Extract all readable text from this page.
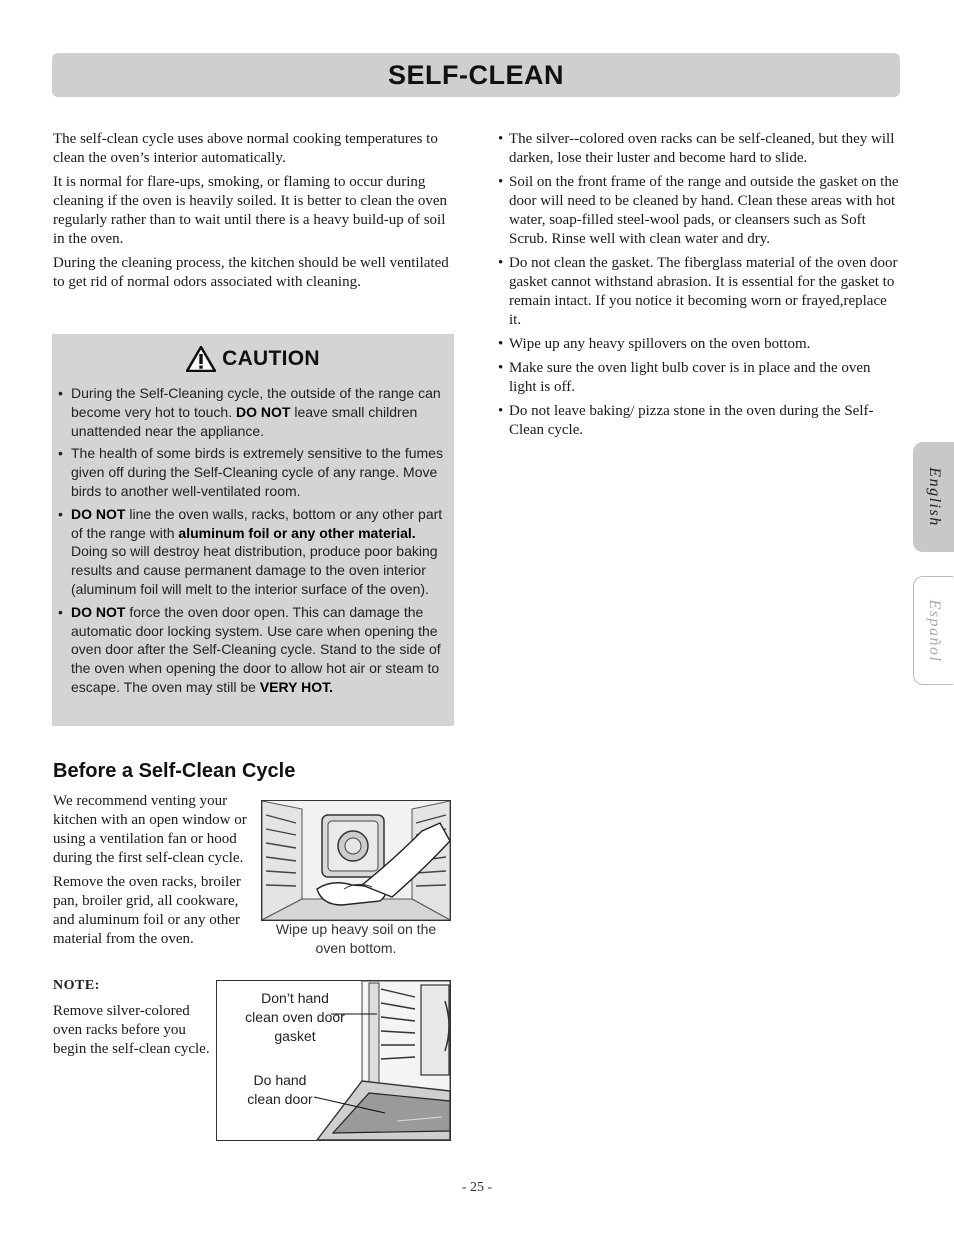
SELF-CLEAN

The self-clean cycle uses above normal cooking temperatures to clean the oven’s interior automatically.

It is normal for flare-ups, smoking, or flaming to occur during cleaning if the oven is heavily soiled. It is better to clean the oven regularly rather than to wait until there is a heavy build-up of soil in the oven.

During the cleaning process, the kitchen should be well ventilated to get rid of normal odors associated with cleaning.

CAUTION
• During the Self-Cleaning cycle, the outside of the range can become very hot to touch. DO NOT leave small children unattended near the appliance.
• The health of some birds is extremely sensitive to the fumes given off during the Self-Cleaning cycle of any range. Move birds to another well-ventilated room.
• DO NOT line the oven walls, racks, bottom or any other part of the range with aluminum foil or any other material. Doing so will destroy heat distribution, produce poor baking results and cause permanent damage to the oven interior (aluminum foil will melt to the interior surface of the oven).
• DO NOT force the oven door open. This can damage the automatic door locking system. Use care when opening the oven door after the Self-Cleaning cycle. Stand to the side of the oven when opening the door to allow hot air or steam to escape. The oven may still be VERY HOT.
• The silver--colored oven racks can be self-cleaned, but they will darken, lose their luster and become hard to slide.
• Soil on the front frame of the range and outside the gasket on the door will need to be cleaned by hand. Clean these areas with hot water, soap-filled steel-wool pads, or cleansers such as Soft Scrub. Rinse well with clean water and dry.
• Do not clean the gasket. The fiberglass material of the oven door gasket cannot withstand abrasion. It is essential for the gasket to remain intact. If you notice it becoming worn or frayed,replace it.
• Wipe up any heavy spillovers on the oven bottom.
• Make sure the oven light bulb cover is in place and the oven light is off.
• Do not leave baking/ pizza stone in the oven during the Self-Clean cycle.
Before a Self-Clean Cycle

We recommend venting your kitchen with an open window or using a ventilation fan or hood during the first self-clean cycle.

Remove the oven racks, broiler pan, broiler grid, all cookware, and aluminum foil or any other material from the oven.

Wipe up heavy soil on the oven bottom.
NOTE:

Remove silver-colored oven racks before you begin the self-clean cycle.

Don’t hand clean oven door gasket
Do hand clean door
English
Español
- 25 -
